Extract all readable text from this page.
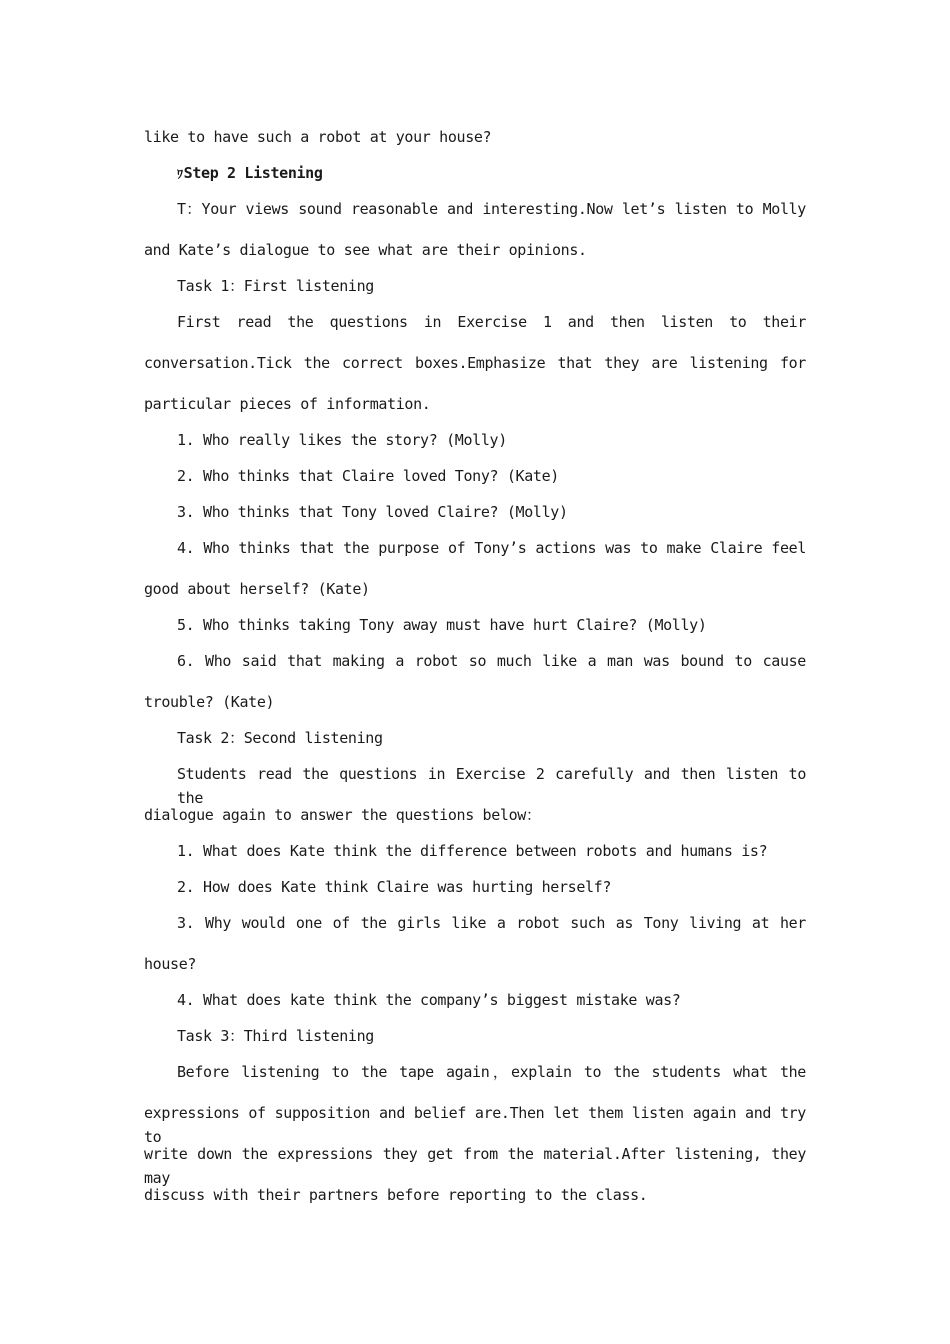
like to have such a robot at your house?
ﾜStep 2 Listening
T：Your views sound reasonable and interesting.Now let’s listen to Molly
and Kate’s dialogue to see what are their opinions.
Task 1：First listening
First read the questions in Exercise 1 and then listen to their
conversation.Tick the correct boxes.Emphasize that they are listening for
particular pieces of information.
1. Who really likes the story? (Molly)
2. Who thinks that Claire loved Tony? (Kate)
3. Who thinks that Tony loved Claire? (Molly)
4. Who thinks that the purpose of Tony’s actions was to make Claire feel
good about herself? (Kate)
5. Who thinks taking Tony away must have hurt Claire? (Molly)
6. Who said that making a robot so much like a man was bound to cause
trouble? (Kate)
Task 2：Second listening
Students read the questions in Exercise 2 carefully and then listen to the
dialogue again to answer the questions below：
1. What does Kate think the difference between robots and humans is?
2. How does Kate think Claire was hurting herself?
3. Why would one of the girls like a robot such as Tony living at her
house?
4. What does kate think the company’s biggest mistake was?
Task 3：Third listening
Before listening to the tape again，explain to the students what the
expressions of supposition and belief are.Then let them listen again and try to
write down the expressions they get from the material.After listening, they may
discuss with their partners before reporting to the class.
